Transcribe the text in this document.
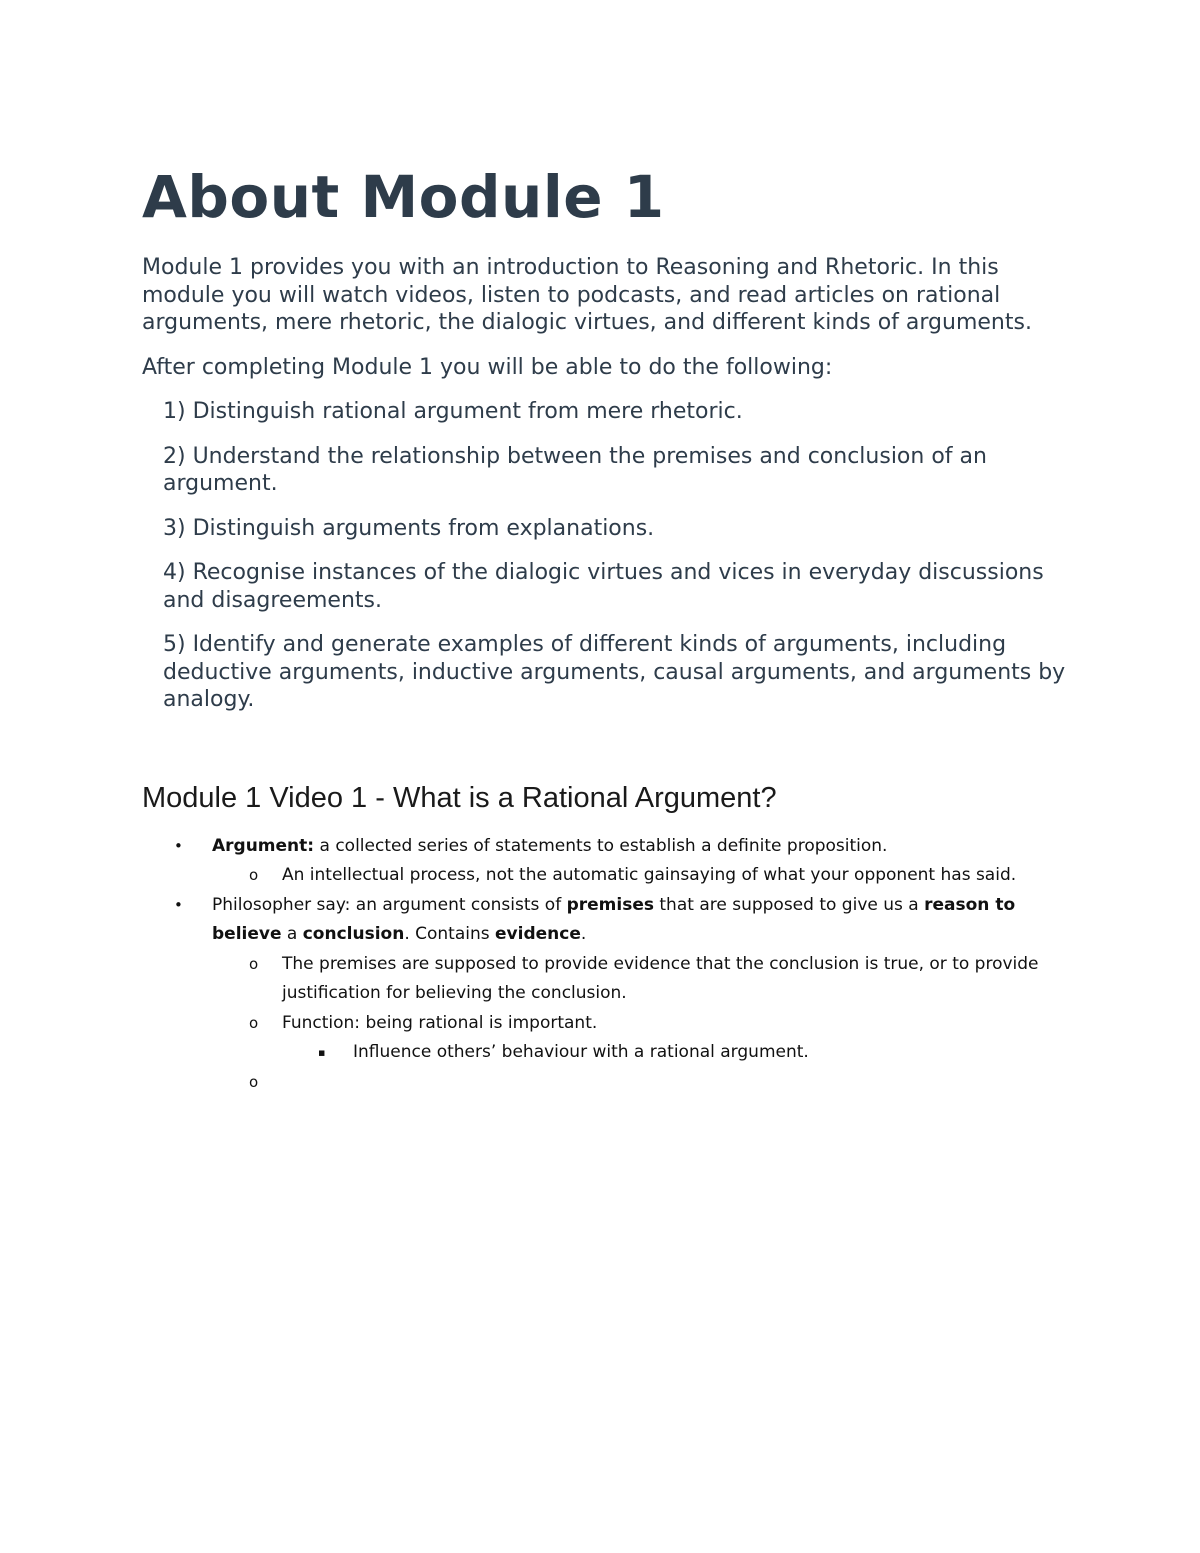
About Module 1

Module 1 provides you with an introduction to Reasoning and Rhetoric. In this module you will watch videos, listen to podcasts, and read articles on rational arguments, mere rhetoric, the dialogic virtues, and different kinds of arguments.

After completing Module 1 you will be able to do the following:

1) Distinguish rational argument from mere rhetoric.
2) Understand the relationship between the premises and conclusion of an argument.
3) Distinguish arguments from explanations.
4) Recognise instances of the dialogic virtues and vices in everyday discussions and disagreements.
5) Identify and generate examples of different kinds of arguments, including deductive arguments, inductive arguments, causal arguments, and arguments by analogy.
Module 1 Video 1 - What is a Rational Argument?
• Argument: a collected series of statements to establish a definite proposition.
o An intellectual process, not the automatic gainsaying of what your opponent has said.
• Philosopher say: an argument consists of premises that are supposed to give us a reason to believe a conclusion. Contains evidence.
o The premises are supposed to provide evidence that the conclusion is true, or to provide justification for believing the conclusion.
o Function: being rational is important.
▪ Influence others’ behaviour with a rational argument.
o
